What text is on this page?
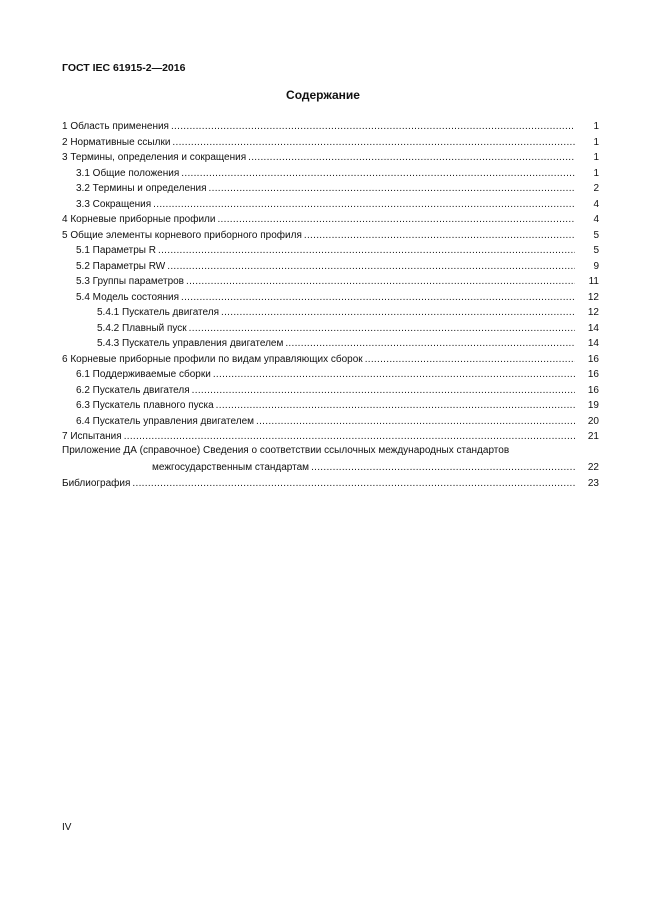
ГОСТ IEC 61915-2—2016
Содержание
1 Область применения .....	1
2 Нормативные ссылки .....	1
3 Термины, определения и сокращения .....	1
3.1 Общие положения .....	1
3.2 Термины и определения .....	2
3.3 Сокращения .....	4
4 Корневые приборные профили .....	4
5 Общие элементы корневого приборного профиля .....	5
5.1 Параметры R .....	5
5.2 Параметры RW .....	9
5.3 Группы параметров .....	11
5.4 Модель состояния .....	12
5.4.1 Пускатель двигателя .....	12
5.4.2 Плавный пуск .....	14
5.4.3 Пускатель управления двигателем .....	14
6 Корневые приборные профили по видам управляющих сборок .....	16
6.1 Поддерживаемые сборки .....	16
6.2 Пускатель двигателя .....	16
6.3 Пускатель плавного пуска .....	19
6.4 Пускатель управления двигателем .....	20
7 Испытания .....	21
Приложение ДА (справочное) Сведения о соответствии ссылочных международных стандартов
межгосударственным стандартам .....	22
Библиография .....	23
IV
